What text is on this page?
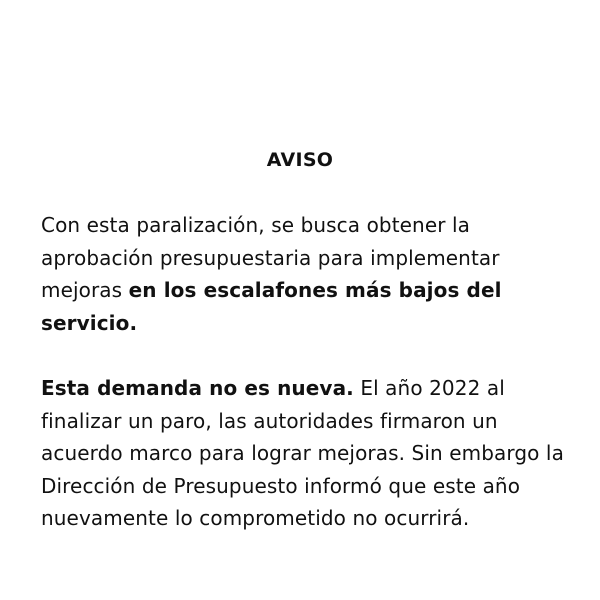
AVISO

Con esta paralización, se busca obtener la aprobación presupuestaria para implementar mejoras en los escalafones más bajos del servicio.

Esta demanda no es nueva. El año 2022 al finalizar un paro, las autoridades firmaron un acuerdo marco para lograr mejoras. Sin embargo la Dirección de Presupuesto informó que este año nuevamente lo comprometido no ocurrirá.
